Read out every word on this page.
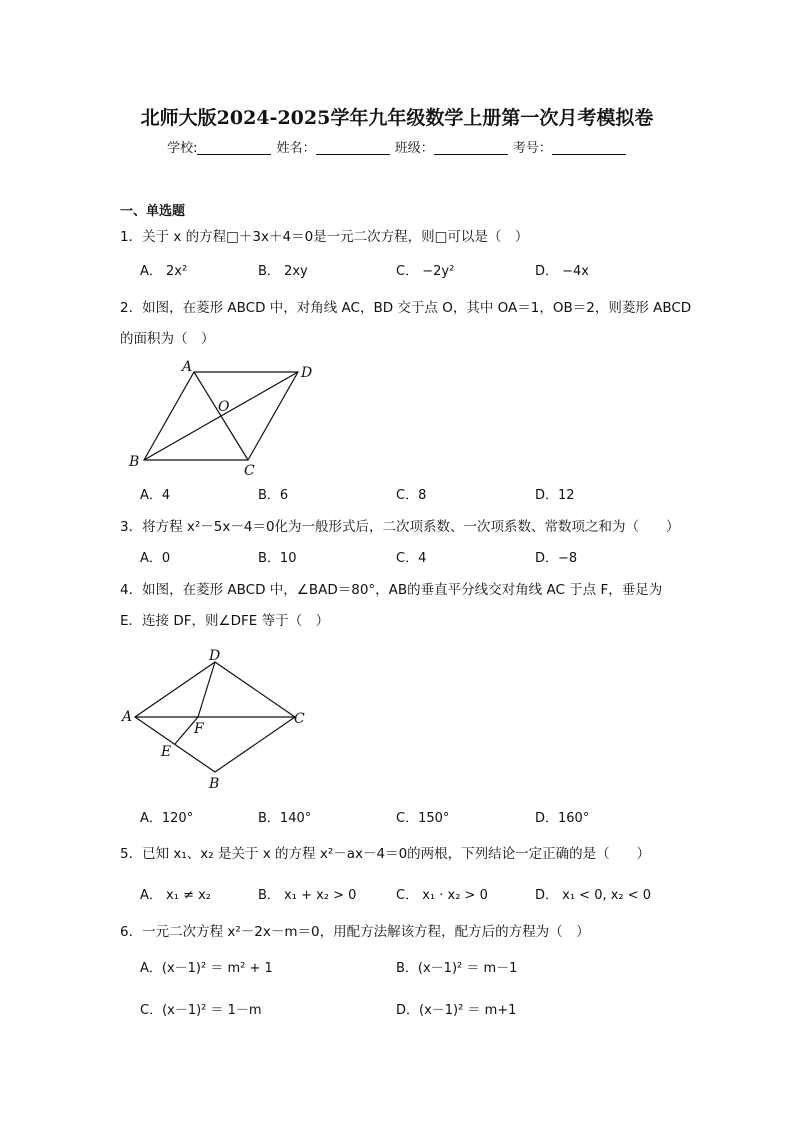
北师大版2024-2025学年九年级数学上册第一次月考模拟卷
学校:	姓名：	班级：	考号：
一、单选题
1．关于 x 的方程□＋3x＋4＝0是一元二次方程，则□可以是（　）
A． 2x²	B． 2xy	C． −2y²	D． −4x
2．如图，在菱形 ABCD 中，对角线 AC，BD 交于点 O，其中 OA＝1，OB＝2，则菱形 ABCD
的面积为（　）
A	D
O
B
C
A．4	B．6	C．8	D．12
3．将方程 x²－5x－4＝0化为一般形式后，二次项系数、一次项系数、常数项之和为（　　）
A．0	B．10	C．4	D．−8
4．如图，在菱形 ABCD 中，∠BAD＝80°，AB的垂直平分线交对角线 AC 于点 F，垂足为
E．连接 DF，则∠DFE 等于（　）
D
A
F
C
E
B
A．120°	B．140°	C．150°	D．160°
5．已知 x₁、x₂ 是关于 x 的方程 x²－ax－4＝0的两根，下列结论一定正确的是（　　）
A． x₁ ≠ x₂	B． x₁ + x₂ > 0	C． x₁ · x₂ > 0	D． x₁ < 0, x₂ < 0
6．一元二次方程 x²－2x－m＝0，用配方法解该方程，配方后的方程为（　）
A．(x－1)² ＝ m² + 1	B．(x－1)² ＝ m－1
C．(x－1)² ＝ 1－m	D．(x－1)² ＝ m+1
